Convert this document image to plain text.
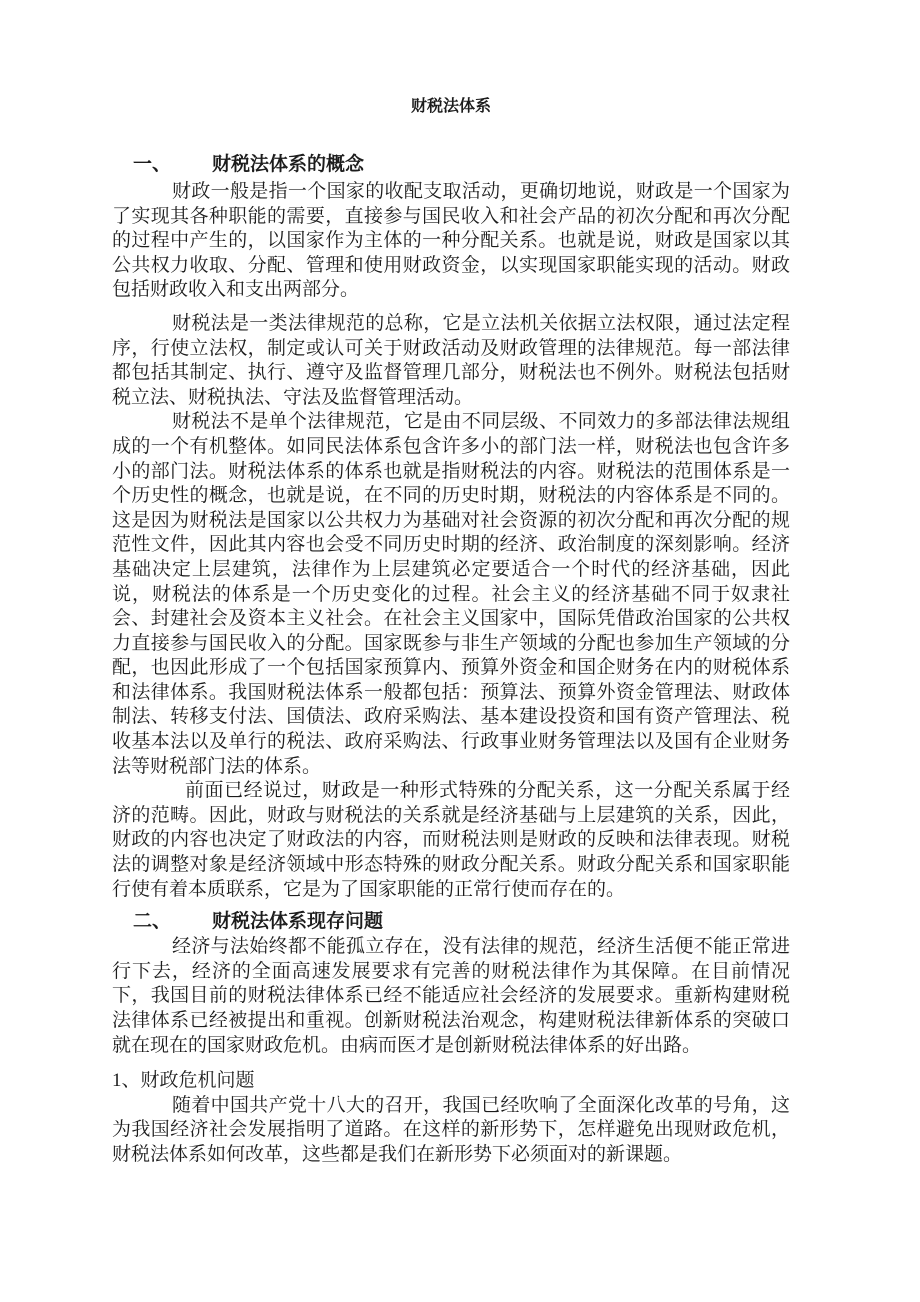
财税法体系
一、 财税法体系的概念

财政一般是指一个国家的收配支取活动，更确切地说，财政是一个国家为了实现其各种职能的需要，直接参与国民收入和社会产品的初次分配和再次分配的过程中产生的，以国家作为主体的一种分配关系。也就是说，财政是国家以其公共权力收取、分配、管理和使用财政资金，以实现国家职能实现的活动。财政包括财政收入和支出两部分。

财税法是一类法律规范的总称，它是立法机关依据立法权限，通过法定程序，行使立法权，制定或认可关于财政活动及财政管理的法律规范。每一部法律都包括其制定、执行、遵守及监督管理几部分，财税法也不例外。财税法包括财税立法、财税执法、守法及监督管理活动。

财税法不是单个法律规范，它是由不同层级、不同效力的多部法律法规组成的一个有机整体。如同民法体系包含许多小的部门法一样，财税法也包含许多小的部门法。财税法体系的体系也就是指财税法的内容。财税法的范围体系是一个历史性的概念，也就是说，在不同的历史时期，财税法的内容体系是不同的。这是因为财税法是国家以公共权力为基础对社会资源的初次分配和再次分配的规范性文件，因此其内容也会受不同历史时期的经济、政治制度的深刻影响。经济基础决定上层建筑，法律作为上层建筑必定要适合一个时代的经济基础，因此说，财税法的体系是一个历史变化的过程。社会主义的经济基础不同于奴隶社会、封建社会及资本主义社会。在社会主义国家中，国际凭借政治国家的公共权力直接参与国民收入的分配。国家既参与非生产领域的分配也参加生产领域的分配，也因此形成了一个包括国家预算内、预算外资金和国企财务在内的财税体系和法律体系。我国财税法体系一般都包括：预算法、预算外资金管理法、财政体制法、转移支付法、国债法、政府采购法、基本建设投资和国有资产管理法、税收基本法以及单行的税法、政府采购法、行政事业财务管理法以及国有企业财务法等财税部门法的体系。

前面已经说过，财政是一种形式特殊的分配关系，这一分配关系属于经济的范畴。因此，财政与财税法的关系就是经济基础与上层建筑的关系，因此，财政的内容也决定了财政法的内容，而财税法则是财政的反映和法律表现。财税法的调整对象是经济领域中形态特殊的财政分配关系。财政分配关系和国家职能行使有着本质联系，它是为了国家职能的正常行使而存在的。

二、 财税法体系现存问题

经济与法始终都不能孤立存在，没有法律的规范，经济生活便不能正常进行下去，经济的全面高速发展要求有完善的财税法律作为其保障。在目前情况下，我国目前的财税法律体系已经不能适应社会经济的发展要求。重新构建财税法律体系已经被提出和重视。创新财税法治观念，构建财税法律新体系的突破口就在现在的国家财政危机。由病而医才是创新财税法律体系的好出路。

1、财政危机问题

随着中国共产党十八大的召开，我国已经吹响了全面深化改革的号角，这为我国经济社会发展指明了道路。在这样的新形势下，怎样避免出现财政危机，财税法体系如何改革，这些都是我们在新形势下必须面对的新课题。
